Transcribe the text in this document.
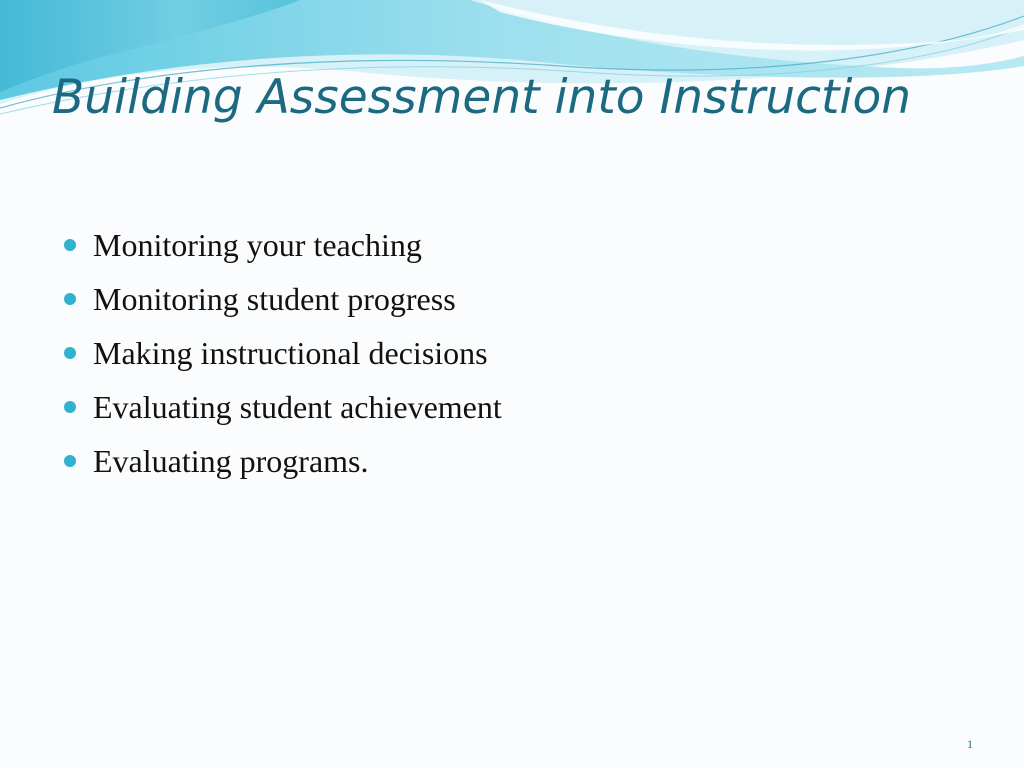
Building Assessment into Instruction
Monitoring your teaching
Monitoring student progress
Making instructional decisions
Evaluating student achievement
Evaluating programs.
1
